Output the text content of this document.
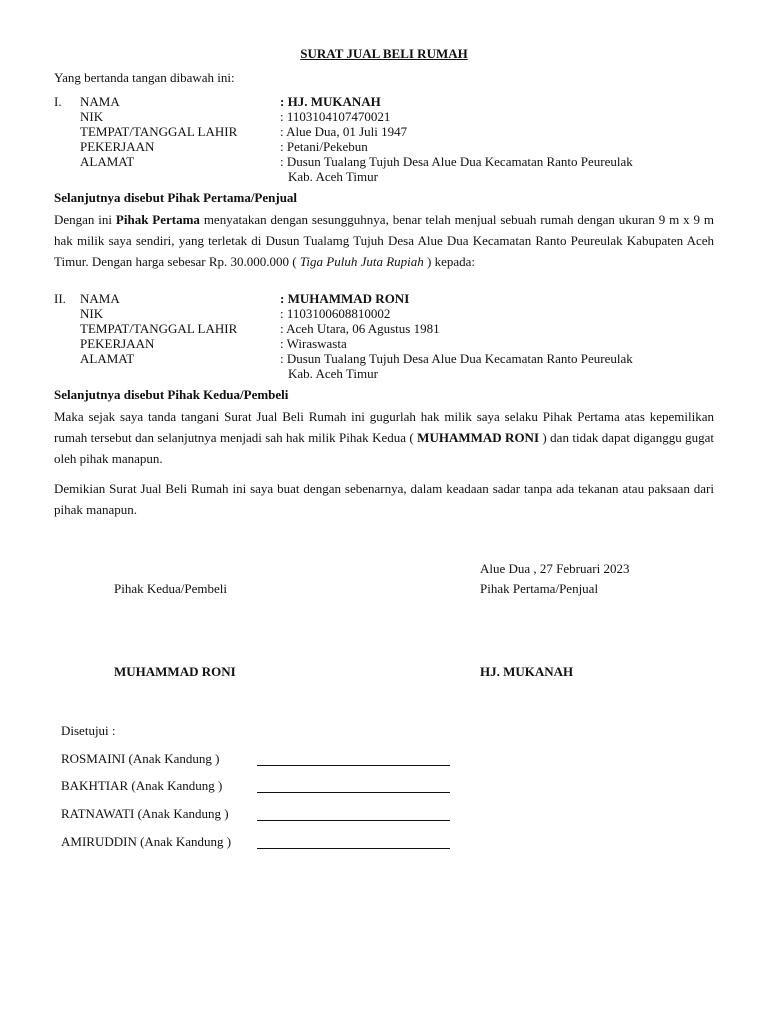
SURAT JUAL BELI RUMAH
Yang bertanda tangan dibawah ini:
I. NAMA	: HJ. MUKANAH
NIK	: 1103104107470021
TEMPAT/TANGGAL LAHIR	: Alue Dua, 01 Juli 1947
PEKERJAAN	: Petani/Pekebun
ALAMAT	: Dusun Tualang Tujuh Desa Alue Dua Kecamatan Ranto Peureulak
Kab. Aceh Timur
Selanjutnya disebut Pihak Pertama/Penjual
Dengan ini Pihak Pertama menyatakan dengan sesungguhnya, benar telah menjual sebuah rumah dengan ukuran 9 m x 9 m hak milik saya sendiri, yang terletak di Dusun Tualamg Tujuh Desa Alue Dua Kecamatan Ranto Peureulak Kabupaten Aceh Timur. Dengan harga sebesar Rp. 30.000.000 ( Tiga Puluh Juta Rupiah ) kepada:
II. NAMA	: MUHAMMAD RONI
NIK	: 1103100608810002
TEMPAT/TANGGAL LAHIR	: Aceh Utara, 06 Agustus 1981
PEKERJAAN	: Wiraswasta
ALAMAT	: Dusun Tualang Tujuh Desa Alue Dua Kecamatan Ranto Peureulak
Kab. Aceh Timur
Selanjutnya disebut Pihak Kedua/Pembeli
Maka sejak saya tanda tangani Surat Jual Beli Rumah ini gugurlah hak milik saya selaku Pihak Pertama atas kepemilikan rumah tersebut dan selanjutnya menjadi sah hak milik Pihak Kedua ( MUHAMMAD RONI ) dan tidak dapat diganggu gugat oleh pihak manapun.
Demikian Surat Jual Beli Rumah ini saya buat dengan sebenarnya, dalam keadaan sadar tanpa ada tekanan atau paksaan dari pihak manapun.
Alue Dua , 27 Februari 2023
Pihak Kedua/Pembeli	Pihak Pertama/Penjual
MUHAMMAD RONI	HJ. MUKANAH
Disetujui :
ROSMAINI (Anak Kandung )
BAKHTIAR (Anak Kandung )
RATNAWATI (Anak Kandung )
AMIRUDDIN (Anak Kandung )
